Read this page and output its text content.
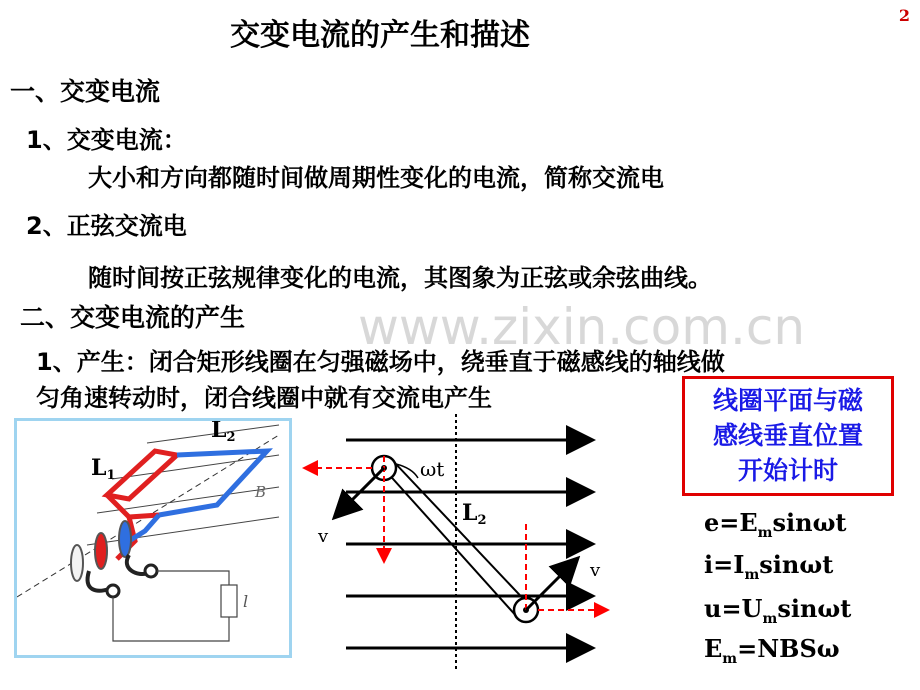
交变电流的产生和描述
2
www.zixin.com.cn
一、交变电流
1、交变电流：
大小和方向都随时间做周期性变化的电流，简称交流电
2、正弦交流电
随时间按正弦规律变化的电流，其图象为正弦或余弦曲线。
二、交变电流的产生
1、产生：闭合矩形线圈在匀强磁场中，绕垂直于磁感线的轴线做
匀角速转动时，闭合线圈中就有交流电产生	线圈平面与磁
感线垂直位置
开始计时
$e=E_m\sin\omega t$
$i=I_m\sin\omega t$
$u=U_m\sin\omega t$
$E_m=NBS\omega$
L1
L2
B
l
ωt
L2
v
v
